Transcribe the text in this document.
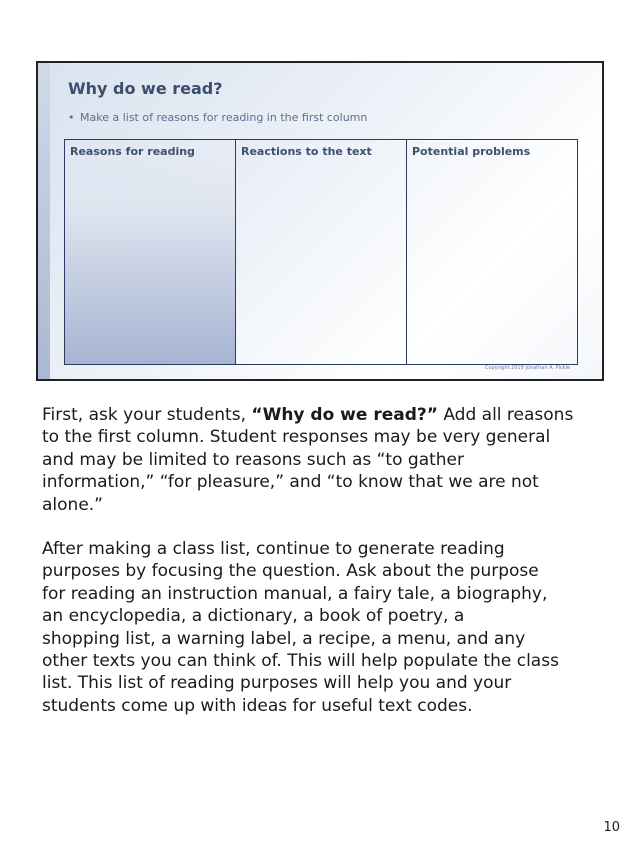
Why do we read?
• Make a list of reasons for reading in the first column
Reasons for reading	Reactions to the text	Potential problems
Copyright 2018 Jonathan A. Pickle

First, ask your students, “Why do we read?” Add all reasons
to the first column. Student responses may be very general
and may be limited to reasons such as “to gather
information,” “for pleasure,” and “to know that we are not
alone.”

After making a class list, continue to generate reading
purposes by focusing the question. Ask about the purpose
for reading an instruction manual, a fairy tale, a biography,
an encyclopedia, a dictionary, a book of poetry, a
shopping list, a warning label, a recipe, a menu, and any
other texts you can think of. This will help populate the class
list. This list of reading purposes will help you and your
students come up with ideas for useful text codes.

10
